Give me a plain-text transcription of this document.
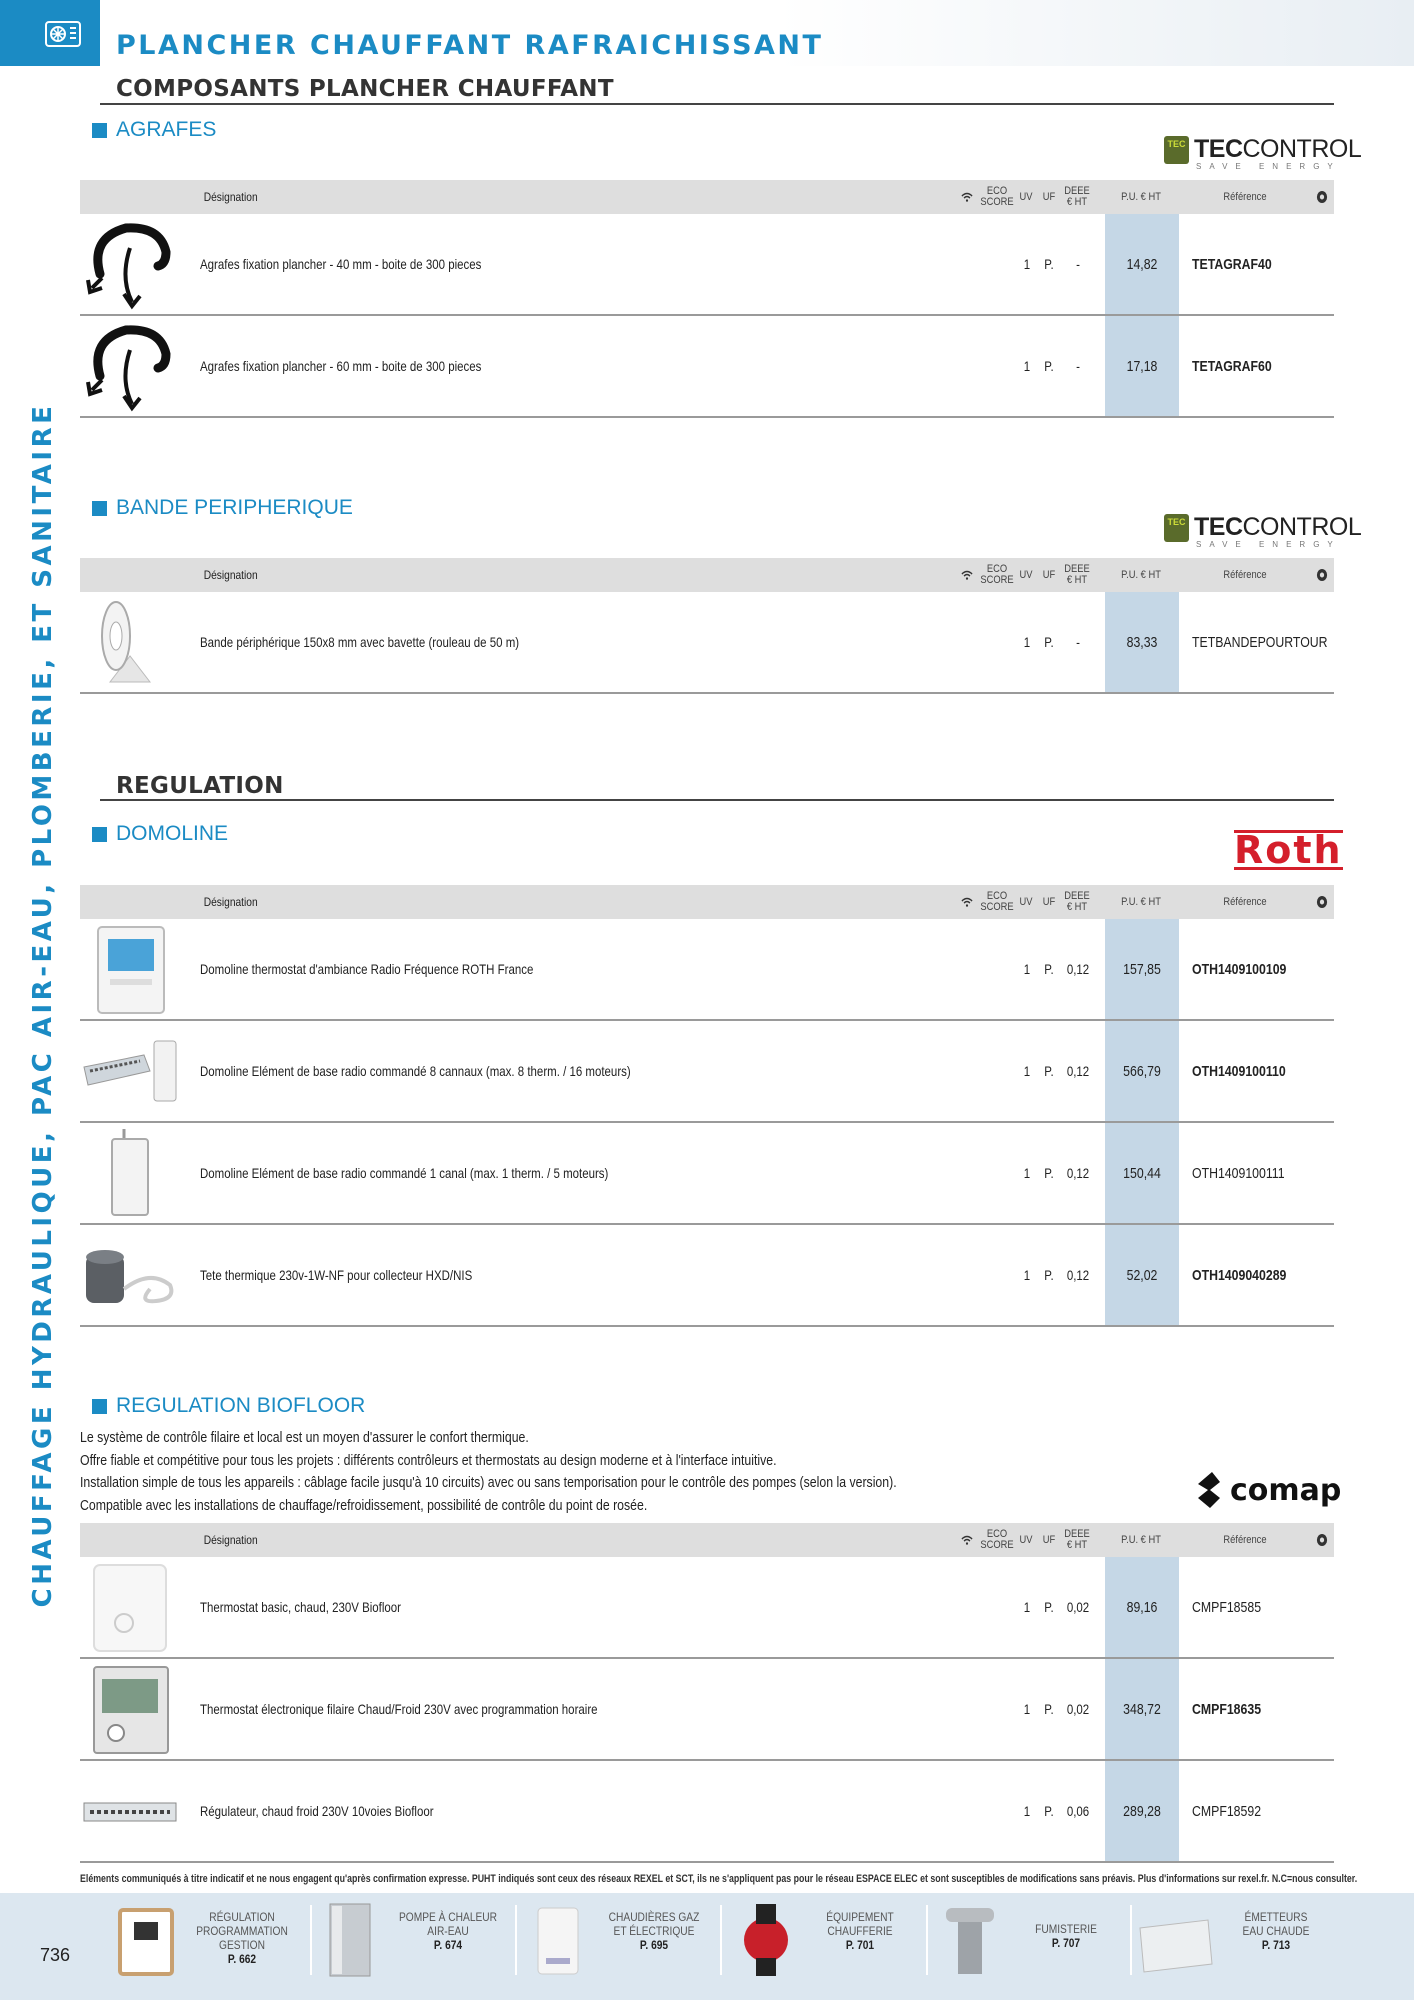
PLANCHER CHAUFFANT RAFRAICHISSANT
CHAUFFAGE HYDRAULIQUE, PAC AIR-EAU, PLOMBERIE, ET SANITAIRE
COMPOSANTS PLANCHER CHAUFFANT
AGRAFES
TEC TECCONTROL
SAVE ENERGY
Désignation	ECO
SCORE UV UF DEEE
€ HT	P.U. € HT	Référence
Agrafes fixation plancher - 40 mm - boite de 300 pieces	1 P.	-	14,82	TETAGRAF40
Agrafes fixation plancher - 60 mm - boite de 300 pieces	1 P.	-	17,18	TETAGRAF60
BANDE PERIPHERIQUE
TEC TECCONTROL
SAVE ENERGY
Désignation	ECO
SCORE UV UF DEEE
€ HT	P.U. € HT	Référence
Bande périphérique 150x8 mm avec bavette (rouleau de 50 m)	1 P.	-	83,33	TETBANDEPOURTOUR
REGULATION
DOMOLINE	Roth
Désignation	ECO
SCORE UV UF DEEE
€ HT	P.U. € HT	Référence
Domoline thermostat d'ambiance Radio Fréquence ROTH France	1 P. 0,12	157,85	OTH1409100109
Domoline Elément de base radio commandé 8 cannaux (max. 8 therm. / 16 moteurs)	1 P. 0,12	566,79	OTH1409100110
Domoline Elément de base radio commandé 1 canal (max. 1 therm. / 5 moteurs)	1 P. 0,12	150,44	OTH1409100111
Tete thermique 230v-1W-NF pour collecteur HXD/NIS	1 P. 0,12	52,02	OTH1409040289
REGULATION BIOFLOOR
Le système de contrôle filaire et local est un moyen d'assurer le confort thermique.
Offre fiable et compétitive pour tous les projets : différents contrôleurs et thermostats au design moderne et à l'interface intuitive.
Installation simple de tous les appareils : câblage facile jusqu'à 10 circuits) avec ou sans temporisation pour le contrôle des pompes (selon la version).
Compatible avec les installations de chauffage/refroidissement, possibilité de contrôle du point de rosée.	comap
Désignation	ECO
SCORE UV UF DEEE
€ HT	P.U. € HT	Référence
Thermostat basic, chaud, 230V Biofloor	1 P. 0,02	89,16	CMPF18585
Thermostat électronique filaire Chaud/Froid 230V avec programmation horaire	1 P. 0,02	348,72	CMPF18635
Régulateur, chaud froid 230V 10voies Biofloor	1 P. 0,06	289,28	CMPF18592
Eléments communiqués à titre indicatif et ne nous engagent qu'après confirmation expresse. PUHT indiqués sont ceux des réseaux REXEL et SCT, ils ne s'appliquent pas pour le réseau ESPACE ELEC et sont susceptibles de modifications sans préavis. Plus d'informations sur rexel.fr. N.C=nous consulter.
736
RÉGULATION
PROGRAMMATION
GESTION
P. 662
POMPE À CHALEUR
AIR-EAU
P. 674
CHAUDIÈRES GAZ
ET ÉLECTRIQUE
P. 695
ÉQUIPEMENT
CHAUFFERIE
P. 701
FUMISTERIE
P. 707
ÉMETTEURS
EAU CHAUDE
P. 713
